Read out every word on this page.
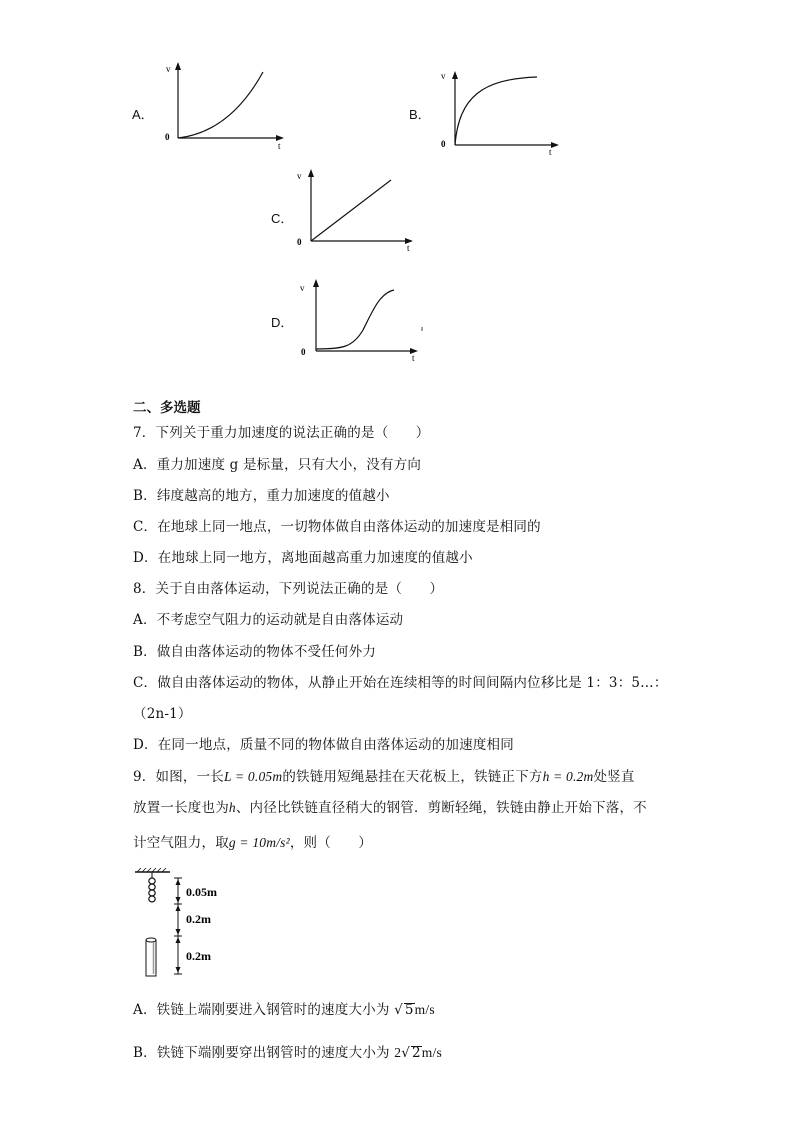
A．
v
t
0
B．
v
t
0
C．
v
t
0
D．
v
t
0
二、多选题
7．下列关于重力加速度的说法正确的是（　　）
A．重力加速度 g 是标量，只有大小，没有方向
B．纬度越高的地方，重力加速度的值越小
C．在地球上同一地点，一切物体做自由落体运动的加速度是相同的
D．在地球上同一地方，离地面越高重力加速度的值越小
8．关于自由落体运动，下列说法正确的是（　　）
A．不考虑空气阻力的运动就是自由落体运动
B．做自由落体运动的物体不受任何外力
C．做自由落体运动的物体，从静止开始在连续相等的时间间隔内位移比是 1：3：5…：
（2n-1）
D．在同一地点，质量不同的物体做自由落体运动的加速度相同
9．如图，一长L = 0.05m的铁链用短绳悬挂在天花板上，铁链正下方h = 0.2m处竖直
放置一长度也为h、内径比铁链直径稍大的钢管．剪断轻绳，铁链由静止开始下落，不
计空气阻力，取g = 10m/s²，则（　　）
0.05m
0.2m
0.2m
A．铁链上端刚要进入钢管时的速度大小为 √ 5m/s
B．铁链下端刚要穿出钢管时的速度大小为 2√ 2m/s
